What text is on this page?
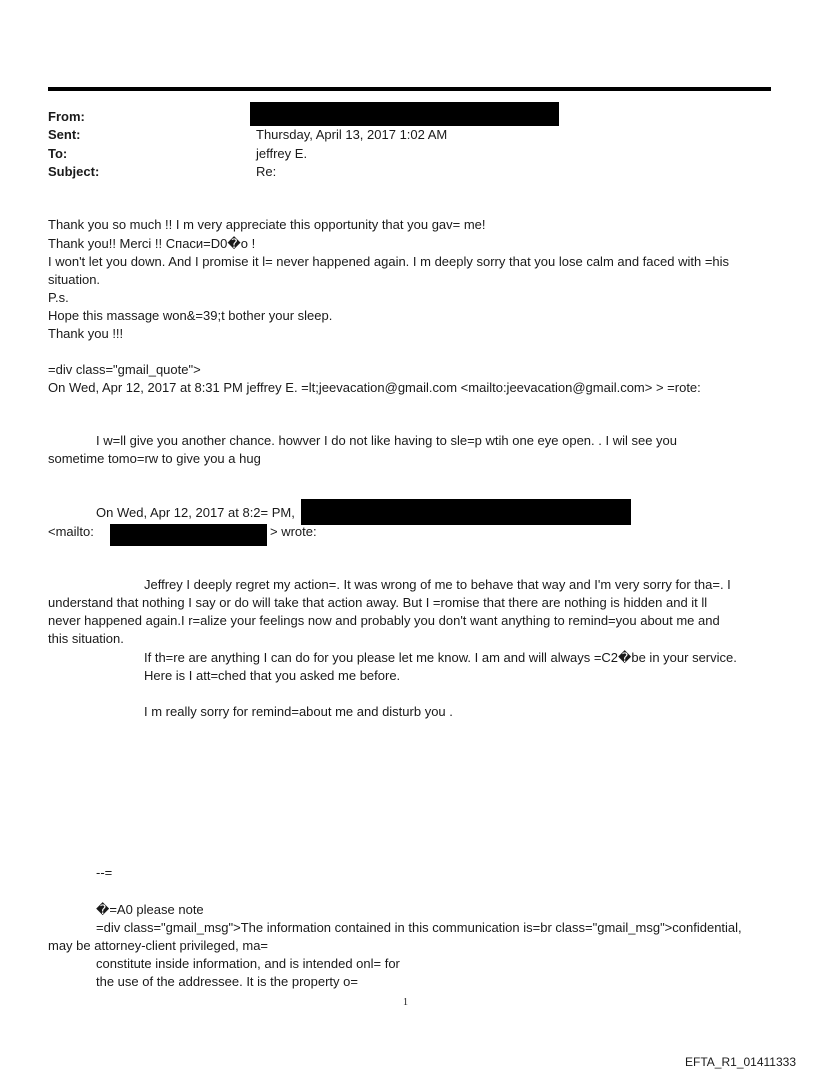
From:
Sent:	Thursday, April 13, 2017 1:02 AM
To:	jeffrey E.
Subject:	Re:
Thank you so much !! I m very appreciate this opportunity that you gav= me!
Thank you!! Merci !! Спаси=D0�o !
I won't let you down. And I promise it l= never happened again. I m deeply sorry that you lose calm and faced with =his
situation.
P.s.
Hope this massage won&=39;t bother your sleep.
Thank you !!!
=div class="gmail_quote">
On Wed, Apr 12, 2017 at 8:31 PM jeffrey E. =lt;jeevacation@gmail.com <mailto:jeevacation@gmail.com> > =rote:
I w=ll give you another chance. howver I do not like having to sle=p wtih one eye open. . I wil see you
sometime tomo=rw to give you a hug
On Wed, Apr 12, 2017 at 8:2= PM,
<mailto:	> wrote:
Jeffrey I deeply regret my action=. It was wrong of me to behave that way and I'm very sorry for tha=. I
understand that nothing I say or do will take that action away. But I =romise that there are nothing is hidden and it ll
never happened again.I r=alize your feelings now and probably you don't want anything to remind=you about me and
this situation.
If th=re are anything I can do for you please let me know. I am and will always =C2�be in your service.
Here is I att=ched that you asked me before.
I m really sorry for remind=about me and disturb you .
--=
�=A0 please note
=div class="gmail_msg">The information contained in this communication is=br class="gmail_msg">confidential,
may be attorney-client privileged, ma=
constitute inside information, and is intended onl= for
the use of the addressee. It is the property o=
1
EFTA_R1_01411333
